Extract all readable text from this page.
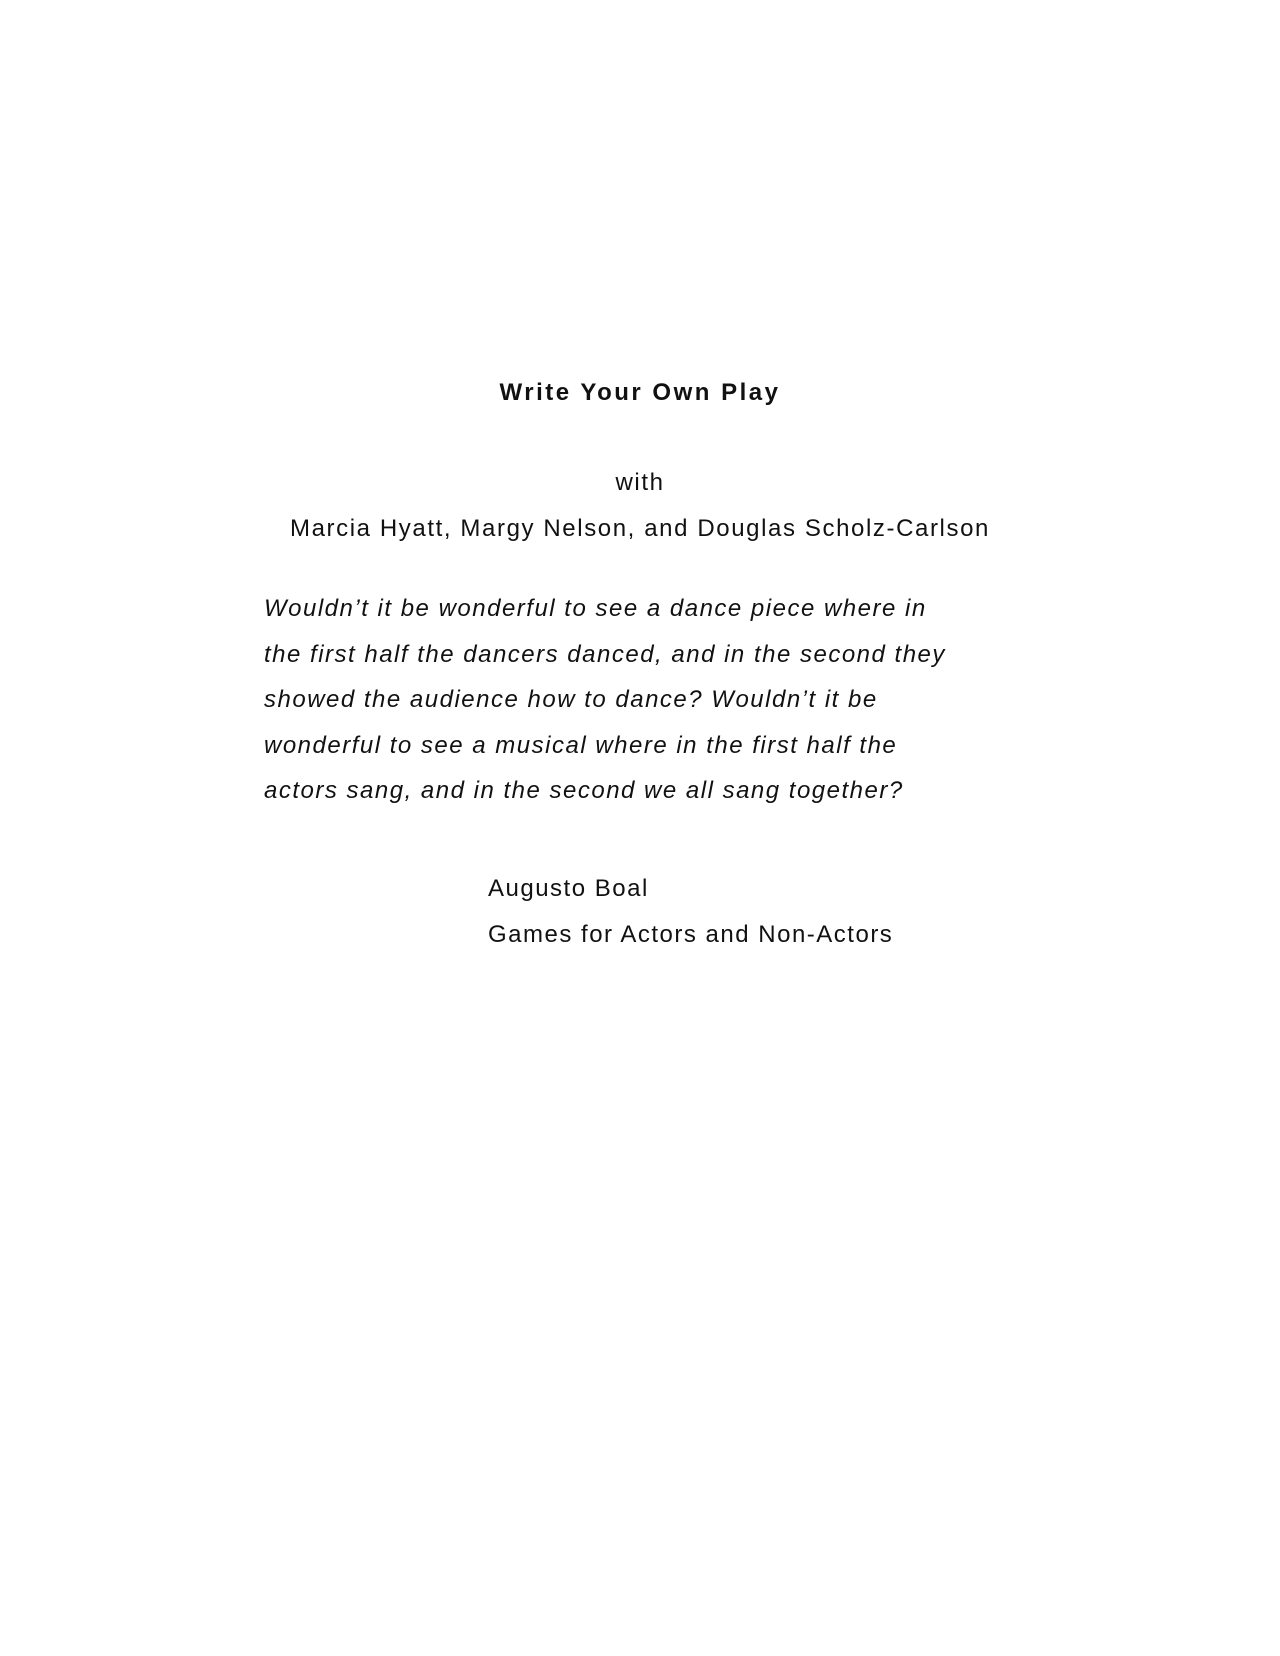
Write Your Own Play
with
Marcia Hyatt, Margy Nelson, and Douglas Scholz-Carlson
Wouldn’t it be wonderful to see a dance piece where in
the first half the dancers danced, and in the second they
showed the audience how to dance? Wouldn’t it be
wonderful to see a musical where in the first half the
actors sang, and in the second we all sang together?
Augusto Boal
Games for Actors and Non-Actors
